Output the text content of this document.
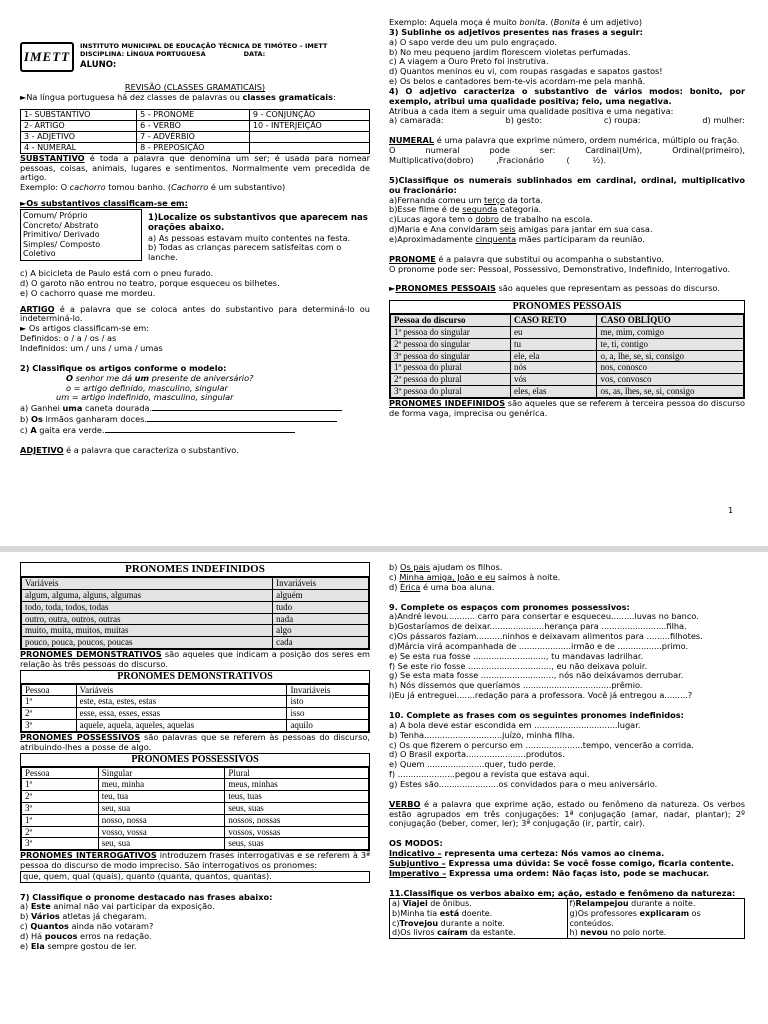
IMETT
INSTITUTO MUNICIPAL DE EDUCAÇÃO TÉCNICA DE TIMÓTEO – IMETT
DISCIPLINA: LÍNGUA PORTUGUESA	DATA:
ALUNO:

REVISÃO (CLASSES GRAMATICAIS)

►Na língua portuguesa há dez classes de palavras ou classes gramaticais:

1- SUBSTANTIVO	5 - PRONOME	9 - CONJUNÇÃO
2- ARTIGO	6 - VERBO	10 - INTERJEIÇÃO
3 - ADJETIVO	7 - ADVÉRBIO	
4 - NUMERAL	8 - PREPOSIÇÃO	

SUBSTANTIVO é toda a palavra que denomina um ser; é usada para nomear pessoas, coisas, animais, lugares e sentimentos. Normalmente vem precedida de artigo.

Exemplo: O cachorro tomou banho. (Cachorro é um substantivo)

►Os substantivos classificam-se em:

Comum/ Próprio

Concreto/ Abstrato

Primitivo/ Derivado

Simples/ Composto

Coletivo

1)Localize os substantivos que aparecem nas orações abaixo.

a) As pessoas estavam muito contentes na festa.

b) Todas as crianças parecem satisfeitas com o lanche.

c) A bicicleta de Paulo está com o pneu furado.

d) O garoto não entrou no teatro, porque esqueceu os bilhetes.

e) O cachorro quase me mordeu.

ARTIGO é a palavra que se coloca antes do substantivo para determiná-lo ou indeterminá-lo.

► Os artigos classificam-se em:

Definidos: o / a / os / as

Indefinidos: um / uns / uma / umas

2) Classifique os artigos conforme o modelo:

O senhor me dá um presente de aniversário?

o = artigo definido, masculino, singular

um = artigo indefinido, masculino, singular

a) Ganhei uma caneta dourada.

b) Os irmãos ganharam doces.

c) A gaita era verde.

ADJETIVO é a palavra que caracteriza o substantivo.

Exemplo: Aquela moça é muito bonita. (Bonita é um adjetivo)

3) Sublinhe os adjetivos presentes nas frases a seguir:

a) O sapo verde deu um pulo engraçado.

b) No meu pequeno jardim florescem violetas perfumadas.

c) A viagem a Ouro Preto foi instrutiva.

d) Quantos meninos eu vi, com roupas rasgadas e sapatos gastos!

e) Os belos e cantadores bem-te-vis acordam-me pela manhã.

4) O adjetivo caracteriza o substantivo de vários modos: bonito, por exemplo, atribui uma qualidade positiva; feio, uma negativa.

Atribua a cada item a seguir uma qualidade positiva e uma negativa:

a) camarada:	b) gesto:	c) roupa:	d) mulher:

NUMERAL é uma palavra que exprime número, ordem numérica, múltiplo ou fração.

O numeral pode ser: Cardinal(Um), Ordinal(primeiro), Multiplicativo(dobro) ,Fracionário ( ½).

5)Classifique os numerais sublinhados em cardinal, ordinal, multiplicativo ou fracionário:

a)Fernanda comeu um terço da torta.

b)Esse filme é de segunda categoria.

c)Lucas agora tem o dobro de trabalho na escola.

d)Maria e Ana convidaram seis amigas para jantar em sua casa.

e)Aproximadamente cinquenta mães participaram da reunião.

PRONOME é a palavra que substitui ou acompanha o substantivo.

O pronome pode ser: Pessoal, Possessivo, Demonstrativo, Indefinido, Interrogativo.

►PRONOMES PESSOAIS são aqueles que representam as pessoas do discurso.

PRONOMES PESSOAIS
Pessoa do discurso	CASO RETO	CASO OBLÍQUO
1ª pessoa do singular	eu	me, mim, comigo
2ª pessoa do singular	tu	te, ti, contigo
3ª pessoa do singular	ele, ela	o, a, lhe, se, si, consigo
1ª pessoa do plural	nós	nos, conosco
2ª pessoa do plural	vós	vos, convosco
3ª pessoa do plural	eles, elas	os, as, lhes, se, si, consigo

PRONOMES INDEFINIDOS são aqueles que se referem à terceira pessoa do discurso de forma vaga, imprecisa ou genérica.

1
PRONOMES INDEFINIDOS
Variáveis	Invariáveis
algum, alguma, alguns, algumas	alguém
todo, toda, todos, todas	tudo
outro, outra, outros, outras	nada
muito, muita, muitos, muitas	algo
pouco, pouca, poucos, poucas	cada

PRONOMES DEMONSTRATIVOS são aqueles que indicam a posição dos seres em relação às três pessoas do discurso.

PRONOMES DEMONSTRATIVOS
Pessoa	Variáveis	Invariáveis
1ª	este, esta, estes, estas	isto
2ª	esse, essa, esses, essas	isso
3ª	aquele, aquela, aqueles, aquelas	aquilo

PRONOMES POSSESSIVOS são palavras que se referem às pessoas do discurso, atribuindo-lhes a posse de algo.

PRONOMES POSSESSIVOS
Pessoa	Singular	Plural
1ª	meu, minha	meus, minhas
2ª	teu, tua	teus, tuas
3ª	seu, sua	seus, suas
1ª	nosso, nossa	nossos, nossas
2ª	vosso, vossa	vossos, vossas
3ª	seu, sua	seus, suas

PRONOMES INTERROGATIVOS introduzem frases interrogativas e se referem à 3ª pessoa do discurso de modo impreciso. São interrogativos os pronomes:

que, quem, qual (quais), quanto (quanta, quantos, quantas).

7) Classifique o pronome destacado nas frases abaixo:

a) Este animal não vai participar da exposição.

b) Vários atletas já chegaram.

c) Quantos ainda não votaram?

d) Há poucos erros na redação.

e) Ela sempre gostou de ler.

b) Os pais ajudam os filhos.

c) Minha amiga, João e eu saímos à noite.

d) Érica é uma boa aluna.

9. Complete os espaços com pronomes possessivos:

a)André levou........... carro para consertar e esqueceu.........luvas no banco.

b)Gostaríamos de deixar.....................herança para .........................filha.

c)Os pássaros faziam..........ninhos e deixavam alimentos para .........filhotes.

d)Márcia virá acompanhada de ....................irmão e de .................primo.

e) Se esta rua fosse ............................, tu mandavas ladrilhar.

f) Se este rio fosse ................................, eu não deixava poluir.

g) Se esta mata fosse ............................, nós não deixávamos derrubar.

h) Nós dissemos que queríamos ..................................prêmio.

i)Eu já entreguei.......redação para a professora. Você já entregou a.........?

10. Complete as frases com os seguintes pronomes indefinidos:

a) A bola deve estar escondida em ................................lugar.

b) Tenha..............................juízo, minha filha.

c) Os que fizerem o percurso em ......................tempo, vencerão a corrida.

d) O Brasil exporta.......................produtos.

e) Quem ......................quer, tudo perde.

f) ......................pegou a revista que estava aqui.

g) Estes são.......................os convidados para o meu aniversário.

VERBO é a palavra que exprime ação, estado ou fenômeno da natureza. Os verbos estão agrupados em três conjugações: 1ª conjugação (amar, nadar, plantar); 2º conjugação (beber, comer, ler); 3ª conjugação (ir, partir, cair).

OS MODOS:

Indicativo – representa uma certeza: Nós vamos ao cinema.

Subjuntivo – Expressa uma dúvida: Se você fosse comigo, ficaria contente.

Imperativo – Expressa uma ordem: Não faças isto, pode se machucar.

11.Classifique os verbos abaixo em; ação, estado e fenômeno da natureza:

a) Viajei de ônibus.

b)Minha tia está doente.

c)Trovejou durante a noite.

d)Os livros caíram da estante.

f)Relampejou durante a noite.

g)Os professores explicaram os conteúdos.

h) nevou no polo norte.
